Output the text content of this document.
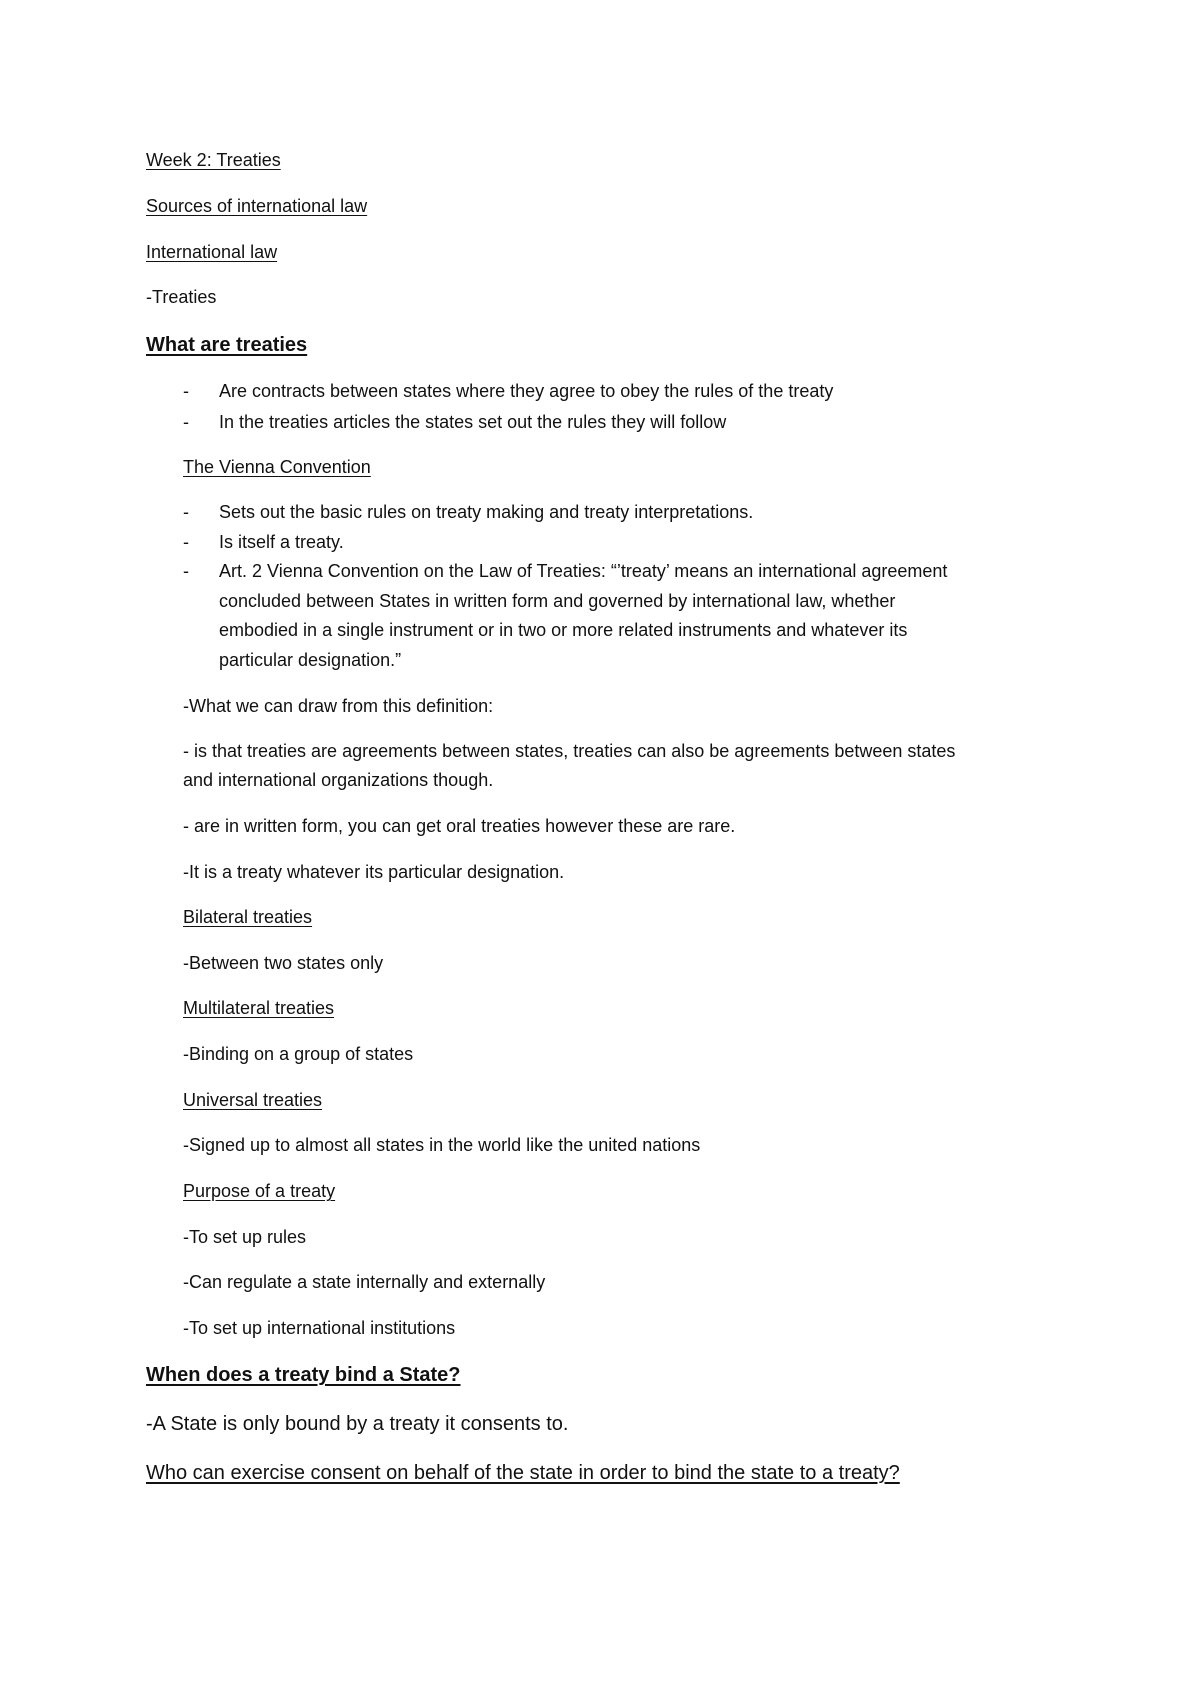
Week 2: Treaties

Sources of international law

International law

-Treaties

What are treaties

- Are contracts between states where they agree to obey the rules of the treaty
- In the treaties articles the states set out the rules they will follow

The Vienna Convention

- Sets out the basic rules on treaty making and treaty interpretations.
- Is itself a treaty.
- Art. 2 Vienna Convention on the Law of Treaties: “’treaty’ means an international agreement
concluded between States in written form and governed by international law, whether
embodied in a single instrument or in two or more related instruments and whatever its
particular designation.”

-What we can draw from this definition:

- is that treaties are agreements between states, treaties can also be agreements between states

and international organizations though.

- are in written form, you can get oral treaties however these are rare.

-It is a treaty whatever its particular designation.

Bilateral treaties

-Between two states only

Multilateral treaties

-Binding on a group of states

Universal treaties

-Signed up to almost all states in the world like the united nations

Purpose of a treaty

-To set up rules

-Can regulate a state internally and externally

-To set up international institutions

When does a treaty bind a State?

-A State is only bound by a treaty it consents to.

Who can exercise consent on behalf of the state in order to bind the state to a treaty?
